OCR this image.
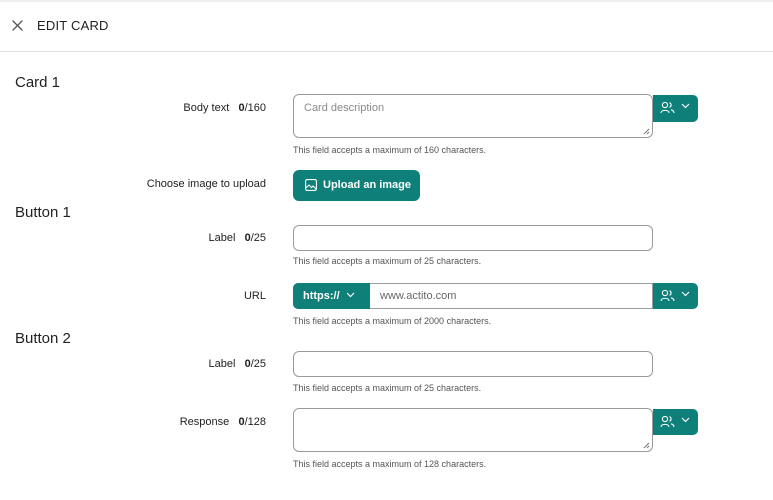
EDIT CARD
Card 1
Body text 0/160	Card description
This field accepts a maximum of 160 characters.
Choose image to upload	Upload an image
Button 1
Label 0/25
This field accepts a maximum of 25 characters.
URL	https://	www.actito.com
This field accepts a maximum of 2000 characters.
Button 2
Label 0/25
This field accepts a maximum of 25 characters.
Response 0/128
This field accepts a maximum of 128 characters.
